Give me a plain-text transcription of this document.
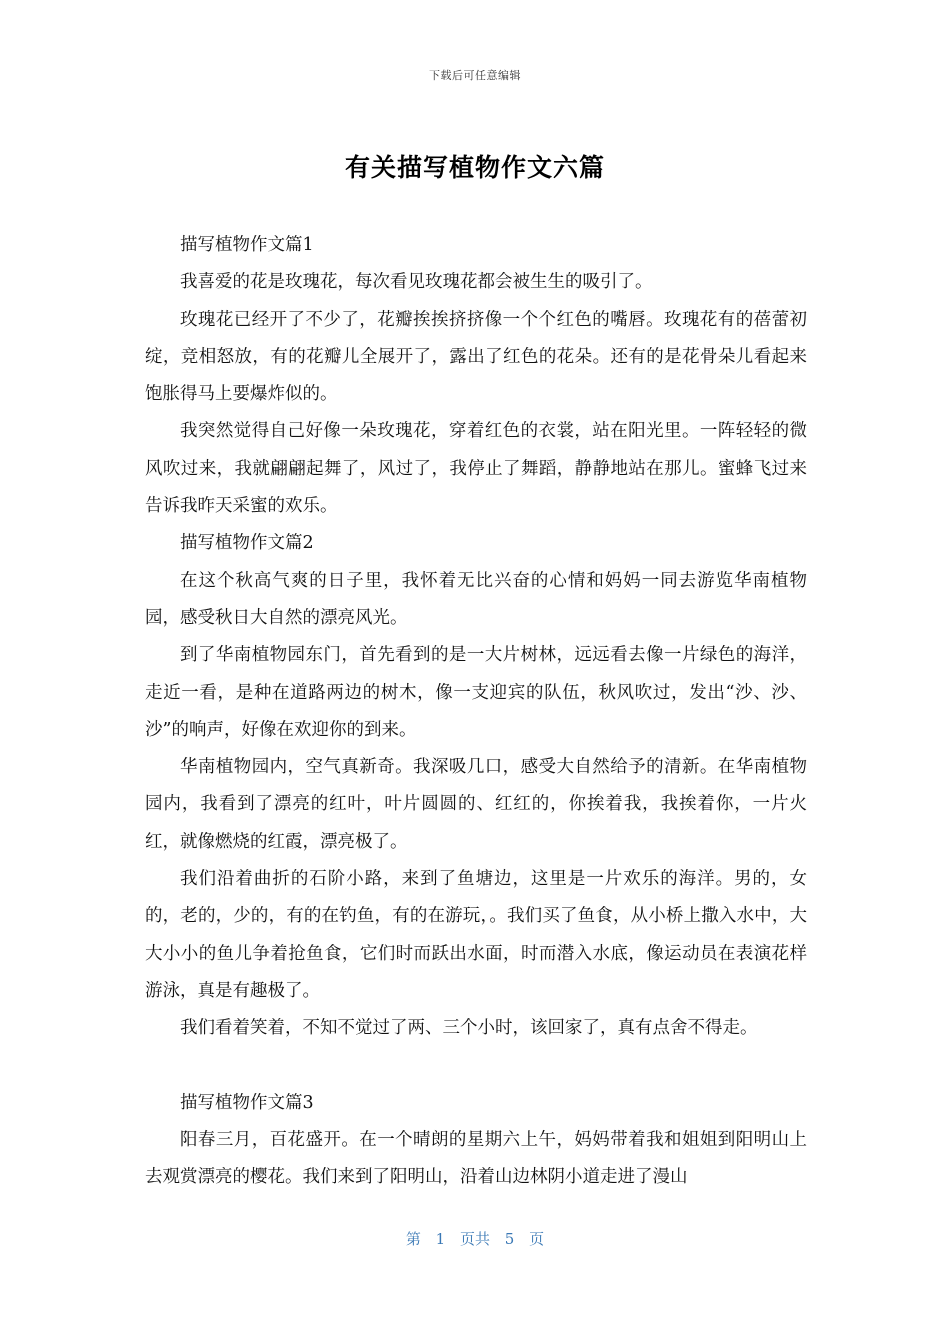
下载后可任意编辑
有关描写植物作文六篇

描写植物作文篇1

我喜爱的花是玫瑰花，每次看见玫瑰花都会被生生的吸引了。

玫瑰花已经开了不少了，花瓣挨挨挤挤像一个个红色的嘴唇。玫瑰花有的蓓蕾初绽，竞相怒放，有的花瓣儿全展开了，露出了红色的花朵。还有的是花骨朵儿看起来饱胀得马上要爆炸似的。

我突然觉得自己好像一朵玫瑰花，穿着红色的衣裳，站在阳光里。一阵轻轻的微风吹过来，我就翩翩起舞了，风过了，我停止了舞蹈，静静地站在那儿。蜜蜂飞过来告诉我昨天采蜜的欢乐。

描写植物作文篇2

在这个秋高气爽的日子里，我怀着无比兴奋的心情和妈妈一同去游览华南植物园，感受秋日大自然的漂亮风光。

到了华南植物园东门，首先看到的是一大片树林，远远看去像一片绿色的海洋，走近一看，是种在道路两边的树木，像一支迎宾的队伍，秋风吹过，发出“沙、沙、沙”的响声，好像在欢迎你的到来。

华南植物园内，空气真新奇。我深吸几口，感受大自然给予的清新。在华南植物园内，我看到了漂亮的红叶，叶片圆圆的、红红的，你挨着我，我挨着你，一片火红，就像燃烧的红霞，漂亮极了。

我们沿着曲折的石阶小路，来到了鱼塘边，这里是一片欢乐的海洋。男的，女的，老的，少的，有的在钓鱼，有的在游玩，。我们买了鱼食，从小桥上撒入水中，大大小小的鱼儿争着抢鱼食，它们时而跃出水面，时而潜入水底，像运动员在表演花样游泳，真是有趣极了。

我们看着笑着，不知不觉过了两、三个小时，该回家了，真有点舍不得走。

描写植物作文篇3

阳春三月，百花盛开。在一个晴朗的星期六上午，妈妈带着我和姐姐到阳明山上去观赏漂亮的樱花。我们来到了阳明山，沿着山边林阴小道走进了漫山

第 1 页共 5 页
